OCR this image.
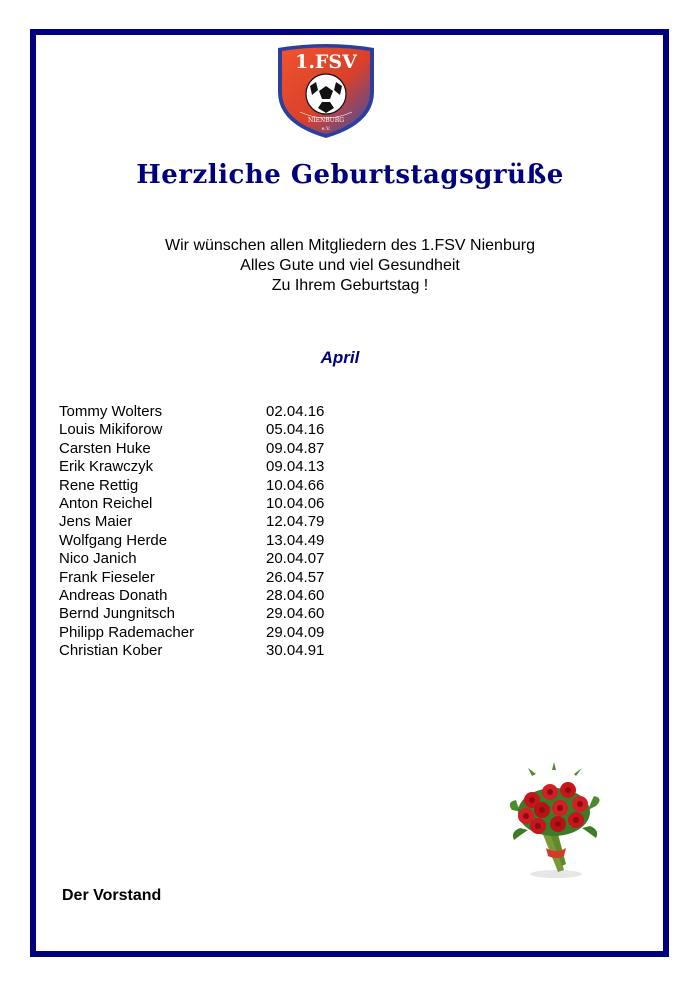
1.FSV
NIENBURG
e.V.
Herzliche Geburtstagsgrüße
Wir wünschen allen Mitgliedern des 1.FSV Nienburg
Alles Gute und viel Gesundheit
Zu Ihrem Geburtstag !
April
Tommy Wolters	02.04.16
Louis Mikiforow	05.04.16
Carsten Huke	09.04.87
Erik Krawczyk	09.04.13
Rene Rettig	10.04.66
Anton Reichel	10.04.06
Jens Maier	12.04.79
Wolfgang Herde	13.04.49
Nico Janich	20.04.07
Frank Fieseler	26.04.57
Andreas Donath	28.04.60
Bernd Jungnitsch	29.04.60
Philipp Rademacher	29.04.09
Christian Kober	30.04.91
Der Vorstand
